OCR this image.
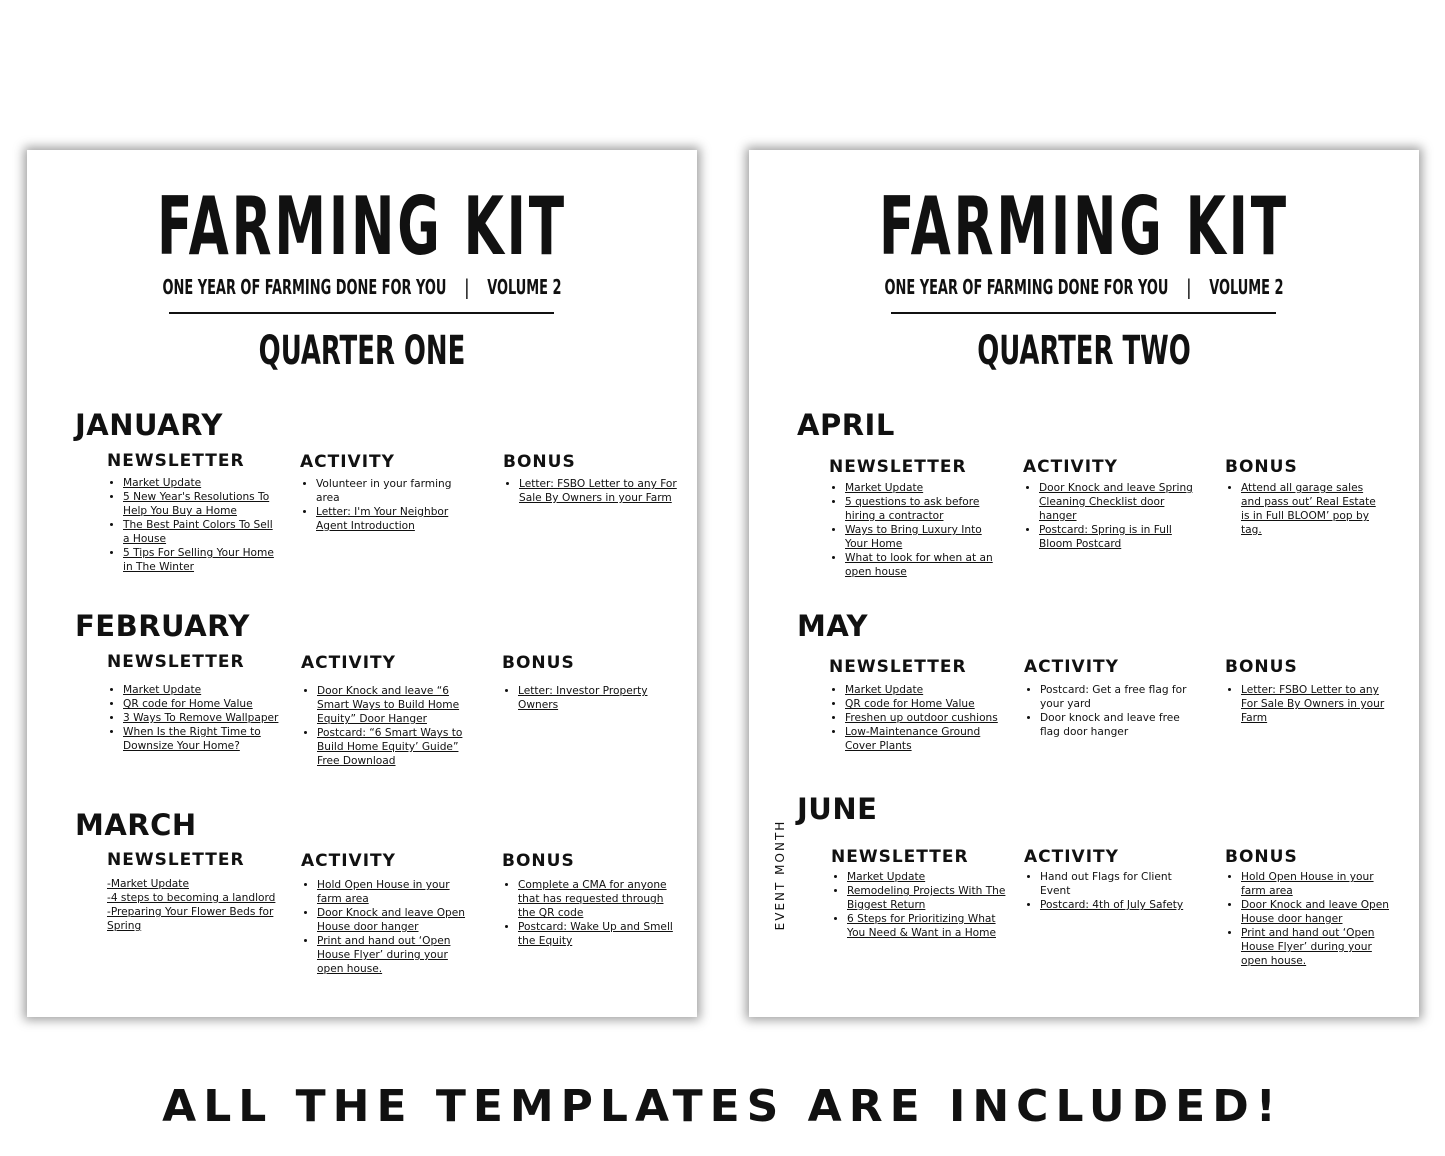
FARMING KIT
ONE YEAR OF FARMING DONE FOR YOU    |    VOLUME 2
QUARTER ONE
JANUARY
NEWSLETTER
• Market Update
• 5 New Year's Resolutions To Help You Buy a Home
• The Best Paint Colors To Sell a House
• 5 Tips For Selling Your Home in The Winter
ACTIVITY
• Volunteer in your farming area
• Letter: I'm Your Neighbor Agent Introduction
BONUS
• Letter: FSBO Letter to any For Sale By Owners in your Farm
FEBRUARY
NEWSLETTER
• Market Update
• QR code for Home Value
• 3 Ways To Remove Wallpaper
• When Is the Right Time to Downsize Your Home?
ACTIVITY
• Door Knock and leave “6 Smart Ways to Build Home Equity” Door Hanger
• Postcard: “6 Smart Ways to Build Home Equity’ Guide” Free Download
BONUS
• Letter: Investor Property Owners
MARCH
NEWSLETTER
-Market Update
-4 steps to becoming a landlord
-Preparing Your Flower Beds for Spring
ACTIVITY
• Hold Open House in your farm area
• Door Knock and leave Open House door hanger
• Print and hand out ‘Open House Flyer’ during your open house.
BONUS
• Complete a CMA for anyone that has requested through the QR code
• Postcard: Wake Up and Smell the Equity
FARMING KIT
ONE YEAR OF FARMING DONE FOR YOU    |    VOLUME 2
QUARTER TWO
APRIL
NEWSLETTER
• Market Update
• 5 questions to ask before hiring a contractor
• Ways to Bring Luxury Into Your Home
• What to look for when at an open house
ACTIVITY
• Door Knock and leave Spring Cleaning Checklist door hanger
• Postcard: Spring is in Full Bloom Postcard
BONUS
• Attend all garage sales and pass out’ Real Estate is in Full BLOOM’ pop by tag.
MAY
NEWSLETTER
• Market Update
• QR code for Home Value
• Freshen up outdoor cushions
• Low-Maintenance Ground Cover Plants
ACTIVITY
• Postcard: Get a free flag for your yard
• Door knock and leave free flag door hanger
BONUS
• Letter: FSBO Letter to any For Sale By Owners in your Farm
JUNE
EVENT MONTH	NEWSLETTER
• Market Update
• Remodeling Projects With The Biggest Return
• 6 Steps for Prioritizing What You Need & Want in a Home
ACTIVITY
• Hand out Flags for Client Event
• Postcard: 4th of July Safety
BONUS
• Hold Open House in your farm area
• Door Knock and leave Open House door hanger
• Print and hand out ‘Open House Flyer’ during your open house.
ALL THE TEMPLATES ARE INCLUDED!
